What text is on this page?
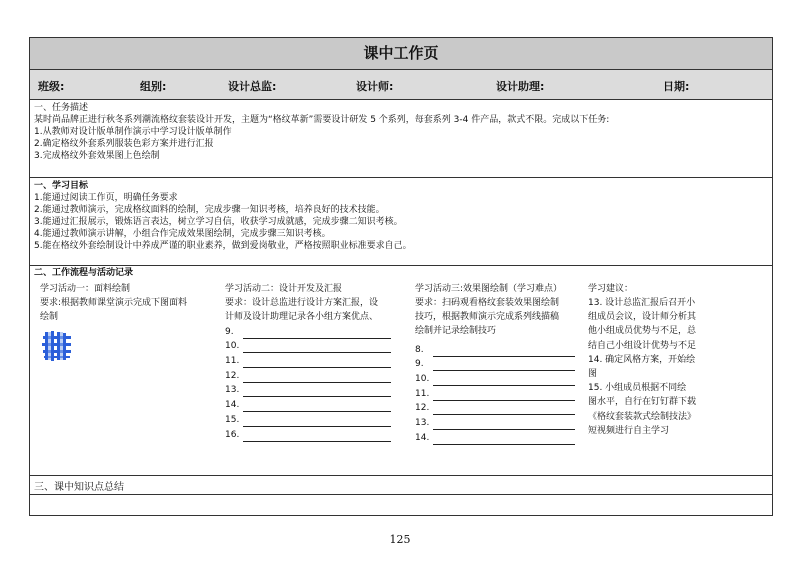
课中工作页
班级:	组别:	设计总监:	设计师:	设计助理:	日期:
一、任务描述
某时尚品牌正进行秋冬系列潮流格纹套装设计开发，主题为“格纹革新”需要设计研发 5 个系列，每套系列 3-4 件产品，款式不限。完成以下任务:
1.从教师对设计版单制作演示中学习设计版单制作
2.确定格纹外套系列服装色彩方案并进行汇报
3.完成格纹外套效果图上色绘制
一、学习目标
1.能通过阅读工作页，明确任务要求
2.能通过教师演示，完成格纹面料的绘制，完成步骤一知识考核，培养良好的技术技能。
3.能通过汇报展示，锻炼语言表达，树立学习自信，收获学习成就感，完成步骤二知识考核。
4.能通过教师演示讲解，小组合作完成效果图绘制，完成步骤三知识考核。
5.能在格纹外套绘制设计中养成严谨的职业素养，做到爱岗敬业，严格按照职业标准要求自己。
二、工作流程与活动记录
学习活动一：面料绘制
要求:根据教师课堂演示完成下图面料
绘制
学习活动二：设计开发及汇报
要求：设计总监进行设计方案汇报，设
计师及设计助理记录各小组方案优点、
9.
10.
11.
12.
13.
14.
15.
16.
学习活动三:效果图绘制（学习难点）
要求：扫码观看格纹套装效果图绘制
技巧，根据教师演示完成系列线描稿
绘制并记录绘制技巧
8.
9.
10.
11.
12.
13.
14.
学习建议：
13. 设计总监汇报后召开小
组成员会议，设计师分析其
他小组成员优势与不足，总
结自己小组设计优势与不足
14. 确定风格方案，开始绘
图
15. 小组成员根据不同绘
图水平，自行在钉钉群下载
《格纹套装款式绘制技法》
短视频进行自主学习
三、课中知识点总结
125
